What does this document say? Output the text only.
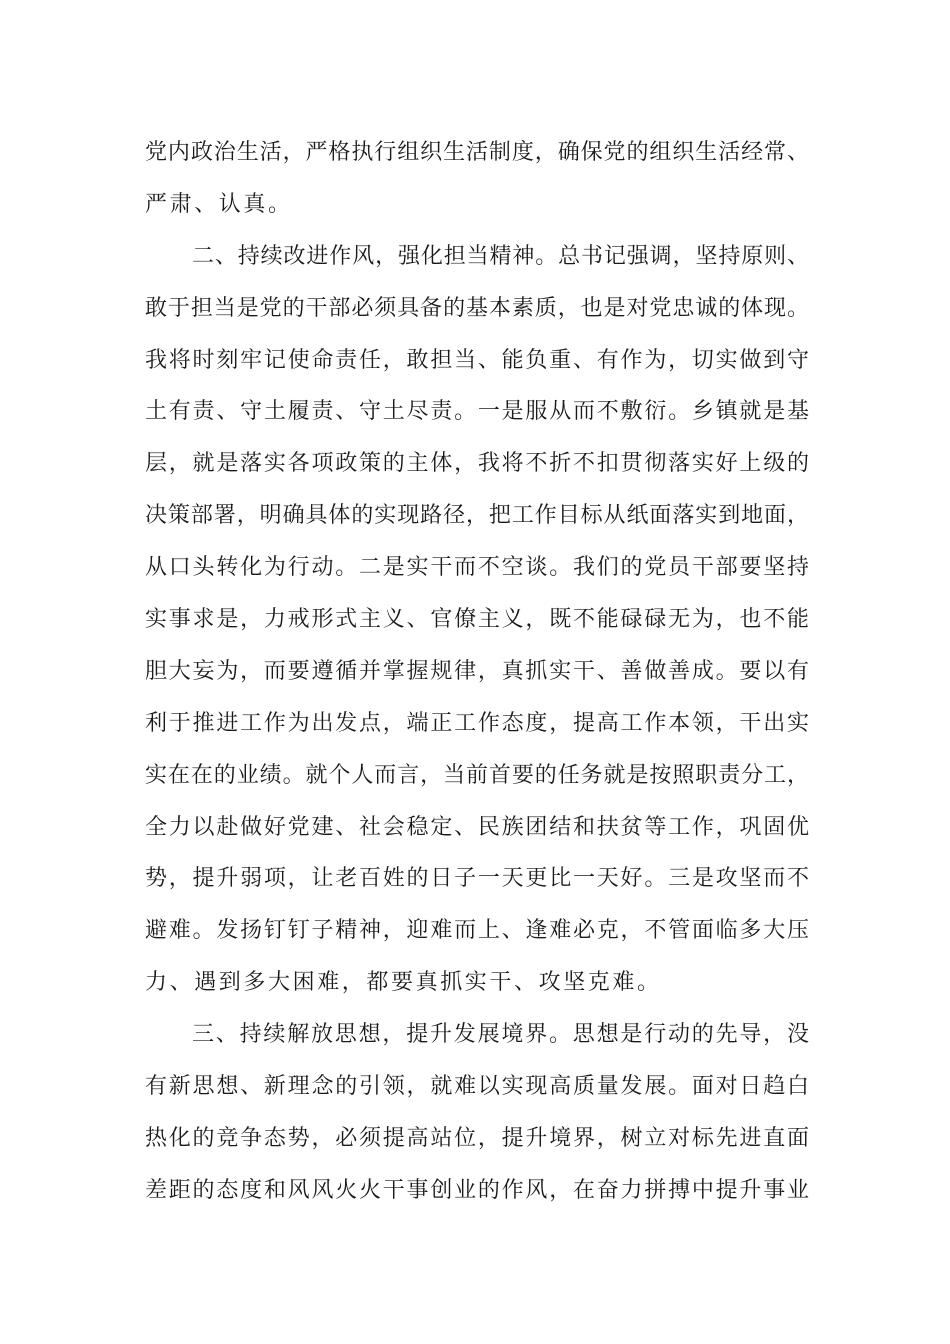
党内政治生活，严格执行组织生活制度，确保党的组织生活经常、
严肃、认真。
二、持续改进作风，强化担当精神。总书记强调，坚持原则、
敢于担当是党的干部必须具备的基本素质，也是对党忠诚的体现。
我将时刻牢记使命责任，敢担当、能负重、有作为，切实做到守
土有责、守土履责、守土尽责。一是服从而不敷衍。乡镇就是基
层，就是落实各项政策的主体，我将不折不扣贯彻落实好上级的
决策部署，明确具体的实现路径，把工作目标从纸面落实到地面，
从口头转化为行动。二是实干而不空谈。我们的党员干部要坚持
实事求是，力戒形式主义、官僚主义，既不能碌碌无为，也不能
胆大妄为，而要遵循并掌握规律，真抓实干、善做善成。要以有
利于推进工作为出发点，端正工作态度，提高工作本领，干出实
实在在的业绩。就个人而言，当前首要的任务就是按照职责分工，
全力以赴做好党建、社会稳定、民族团结和扶贫等工作，巩固优
势，提升弱项，让老百姓的日子一天更比一天好。三是攻坚而不
避难。发扬钉钉子精神，迎难而上、逢难必克，不管面临多大压
力、遇到多大困难，都要真抓实干、攻坚克难。
三、持续解放思想，提升发展境界。思想是行动的先导，没
有新思想、新理念的引领，就难以实现高质量发展。面对日趋白
热化的竞争态势，必须提高站位，提升境界，树立对标先进直面
差距的态度和风风火火干事创业的作风，在奋力拼搏中提升事业
